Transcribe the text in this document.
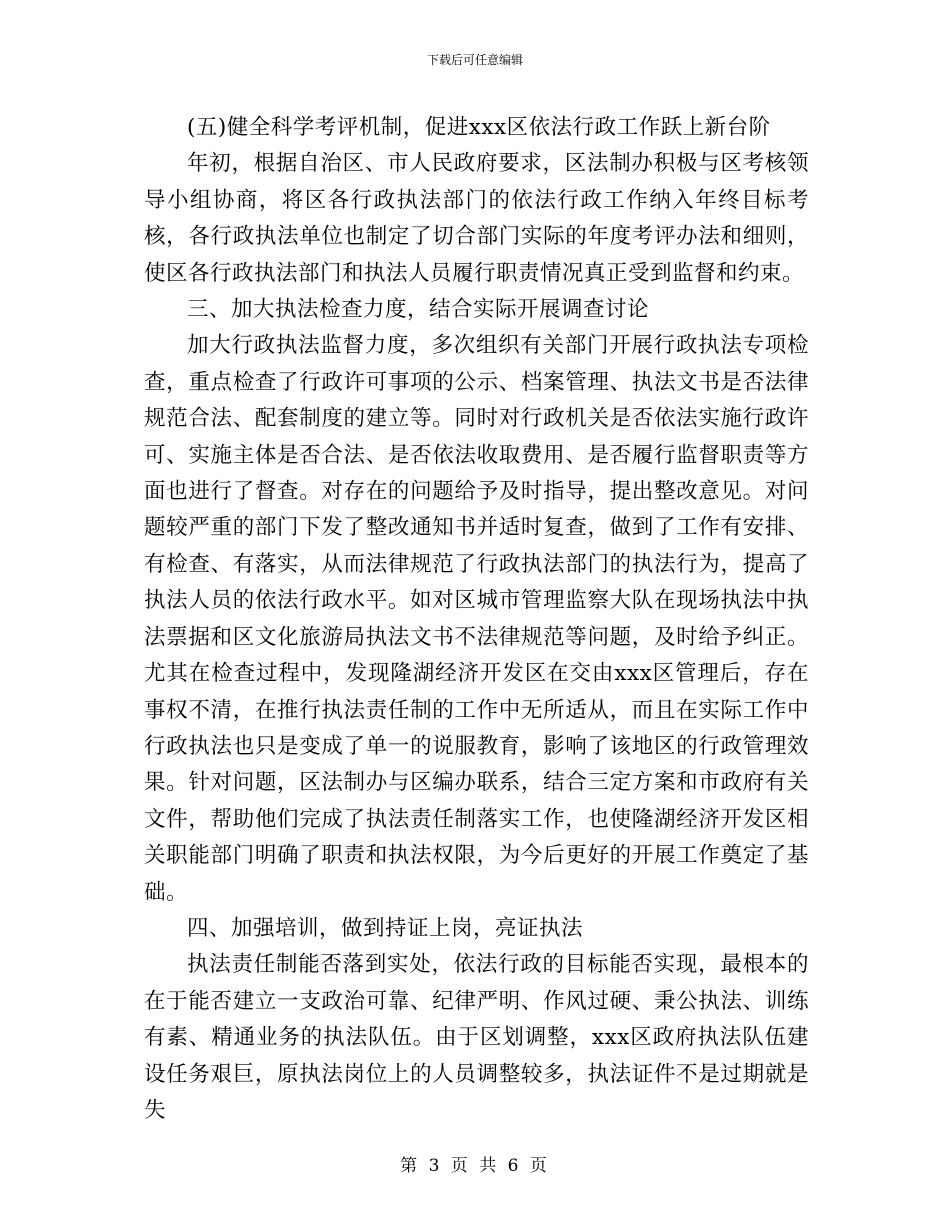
下载后可任意编辑

(五)健全科学考评机制，促进xxx区依法行政工作跃上新台阶

年初，根据自治区、市人民政府要求，区法制办积极与区考核领导小组协商，将区各行政执法部门的依法行政工作纳入年终目标考核，各行政执法单位也制定了切合部门实际的年度考评办法和细则，使区各行政执法部门和执法人员履行职责情况真正受到监督和约束。

三、加大执法检查力度，结合实际开展调查讨论

加大行政执法监督力度，多次组织有关部门开展行政执法专项检查，重点检查了行政许可事项的公示、档案管理、执法文书是否法律规范合法、配套制度的建立等。同时对行政机关是否依法实施行政许可、实施主体是否合法、是否依法收取费用、是否履行监督职责等方面也进行了督查。对存在的问题给予及时指导，提出整改意见。对问题较严重的部门下发了整改通知书并适时复查，做到了工作有安排、有检查、有落实，从而法律规范了行政执法部门的执法行为，提高了执法人员的依法行政水平。如对区城市管理监察大队在现场执法中执法票据和区文化旅游局执法文书不法律规范等问题，及时给予纠正。尤其在检查过程中，发现隆湖经济开发区在交由xxx区管理后，存在事权不清，在推行执法责任制的工作中无所适从，而且在实际工作中行政执法也只是变成了单一的说服教育，影响了该地区的行政管理效果。针对问题，区法制办与区编办联系，结合三定方案和市政府有关文件，帮助他们完成了执法责任制落实工作，也使隆湖经济开发区相关职能部门明确了职责和执法权限，为今后更好的开展工作奠定了基础。

四、加强培训，做到持证上岗，亮证执法

执法责任制能否落到实处，依法行政的目标能否实现，最根本的在于能否建立一支政治可靠、纪律严明、作风过硬、秉公执法、训练有素、精通业务的执法队伍。由于区划调整，xxx区政府执法队伍建设任务艰巨，原执法岗位上的人员调整较多，执法证件不是过期就是失

第 3 页 共 6 页
